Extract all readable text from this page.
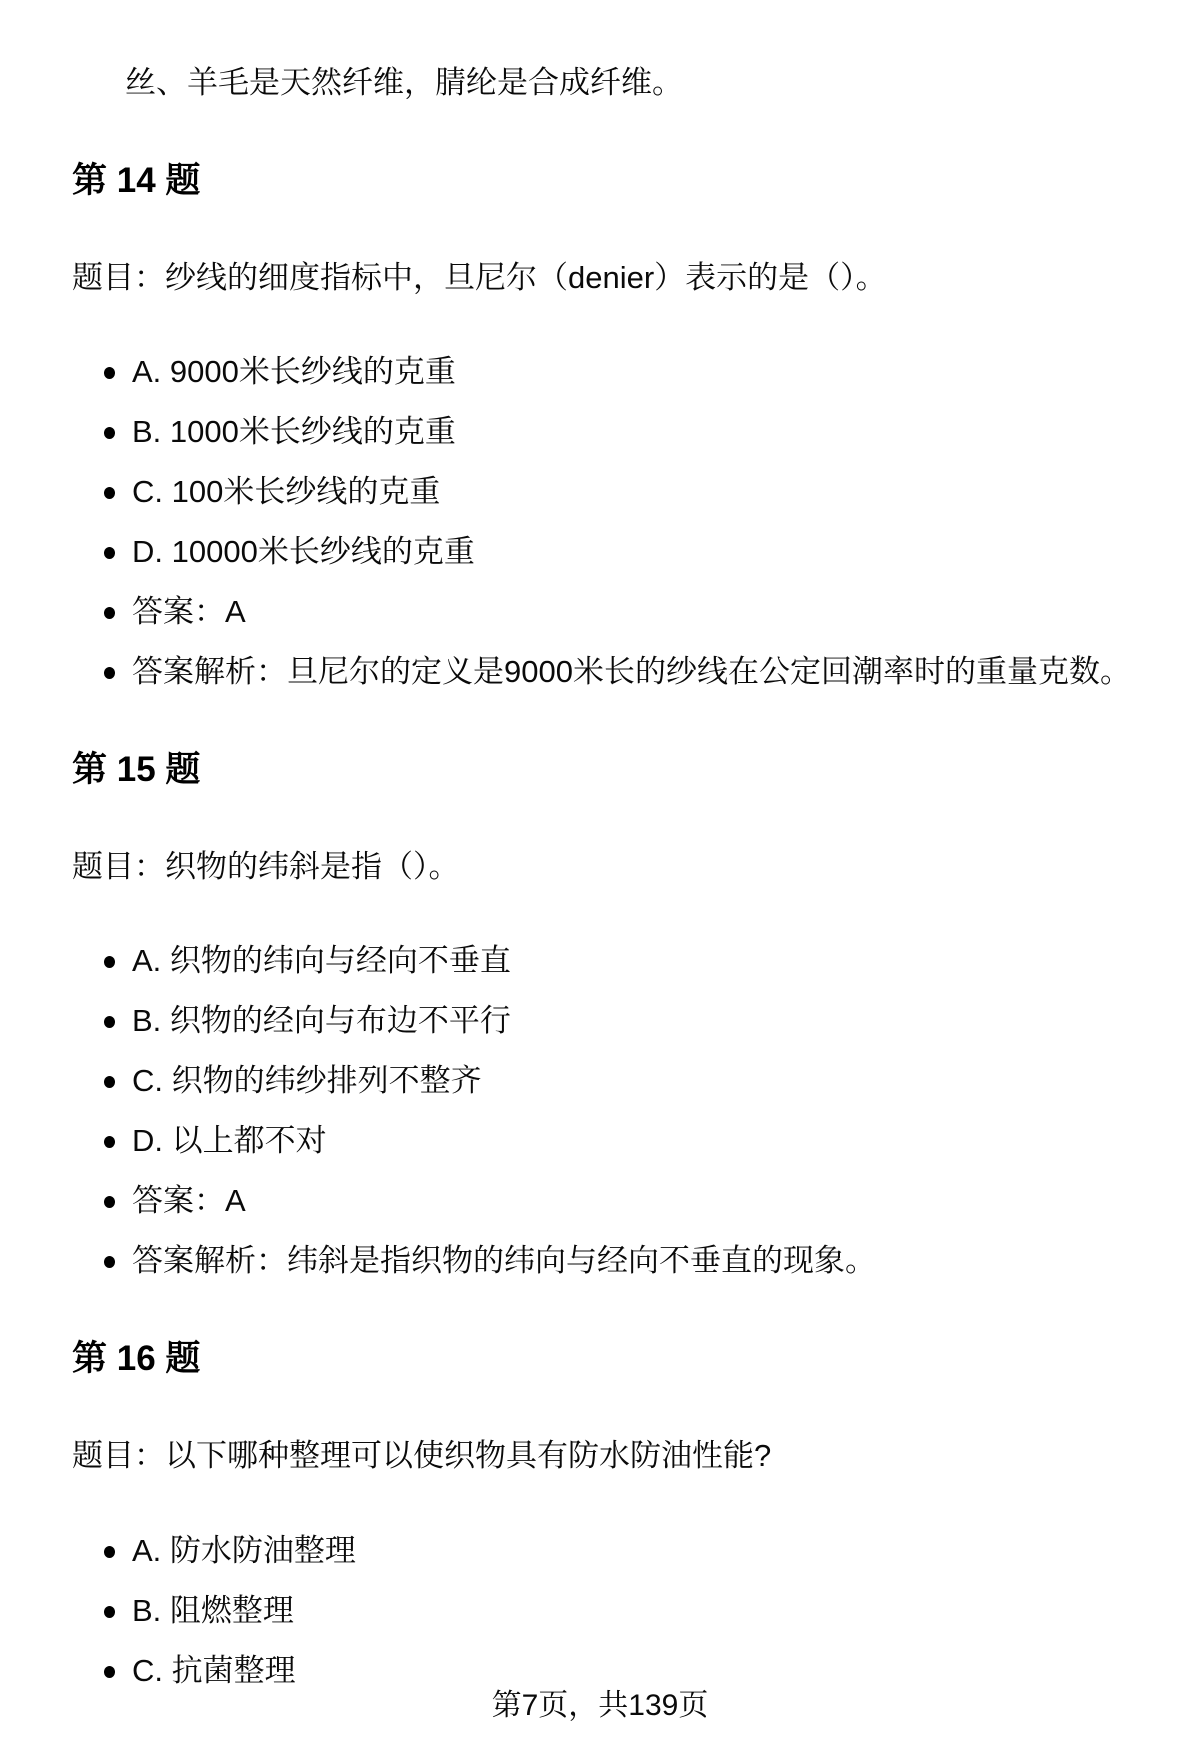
丝、羊毛是天然纤维，腈纶是合成纤维。

第 14 题

题目：纱线的细度指标中，旦尼尔（denier）表示的是（）。

A. 9000米长纱线的克重
B. 1000米长纱线的克重
C. 100米长纱线的克重
D. 10000米长纱线的克重
答案：A
答案解析：旦尼尔的定义是9000米长的纱线在公定回潮率时的重量克数。
第 15 题

题目：织物的纬斜是指（）。

A. 织物的纬向与经向不垂直
B. 织物的经向与布边不平行
C. 织物的纬纱排列不整齐
D. 以上都不对
答案：A
答案解析：纬斜是指织物的纬向与经向不垂直的现象。
第 16 题

题目：以下哪种整理可以使织物具有防水防油性能?

A. 防水防油整理
B. 阻燃整理
C. 抗菌整理
第7页，共139页
